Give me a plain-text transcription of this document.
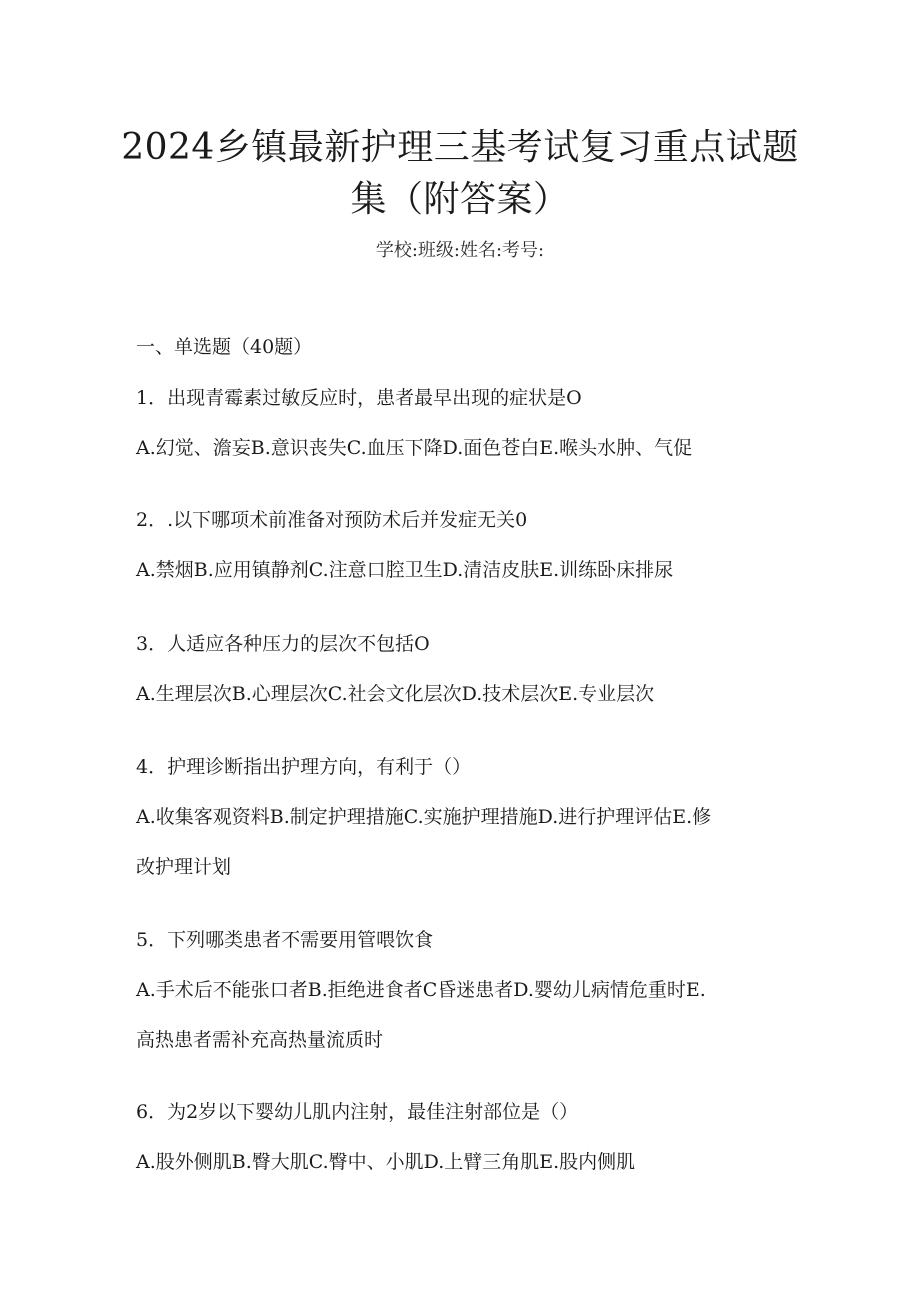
2024乡镇最新护理三基考试复习重点试题
集（附答案）
学校:班级:姓名:考号:
一、单选题（40题）
1．出现青霉素过敏反应时，患者最早出现的症状是O
A.幻觉、澹妄B.意识丧失C.血压下降D.面色苍白E.喉头水肿、气促
2．.以下哪项术前准备对预防术后并发症无关0
A.禁烟B.应用镇静剂C.注意口腔卫生D.清洁皮肤E.训练卧床排尿
3．人适应各种压力的层次不包括O
A.生理层次B.心理层次C.社会文化层次D.技术层次E.专业层次
4．护理诊断指出护理方向，有利于（）
A.收集客观资料B.制定护理措施C.实施护理措施D.进行护理评估E.修
改护理计划
5．下列哪类患者不需要用管喂饮食
A.手术后不能张口者B.拒绝进食者C昏迷患者D.婴幼儿病情危重时E.
高热患者需补充高热量流质时
6．为2岁以下婴幼儿肌内注射，最佳注射部位是（）
A.股外侧肌B.臀大肌C.臀中、小肌D.上臂三角肌E.股内侧肌
